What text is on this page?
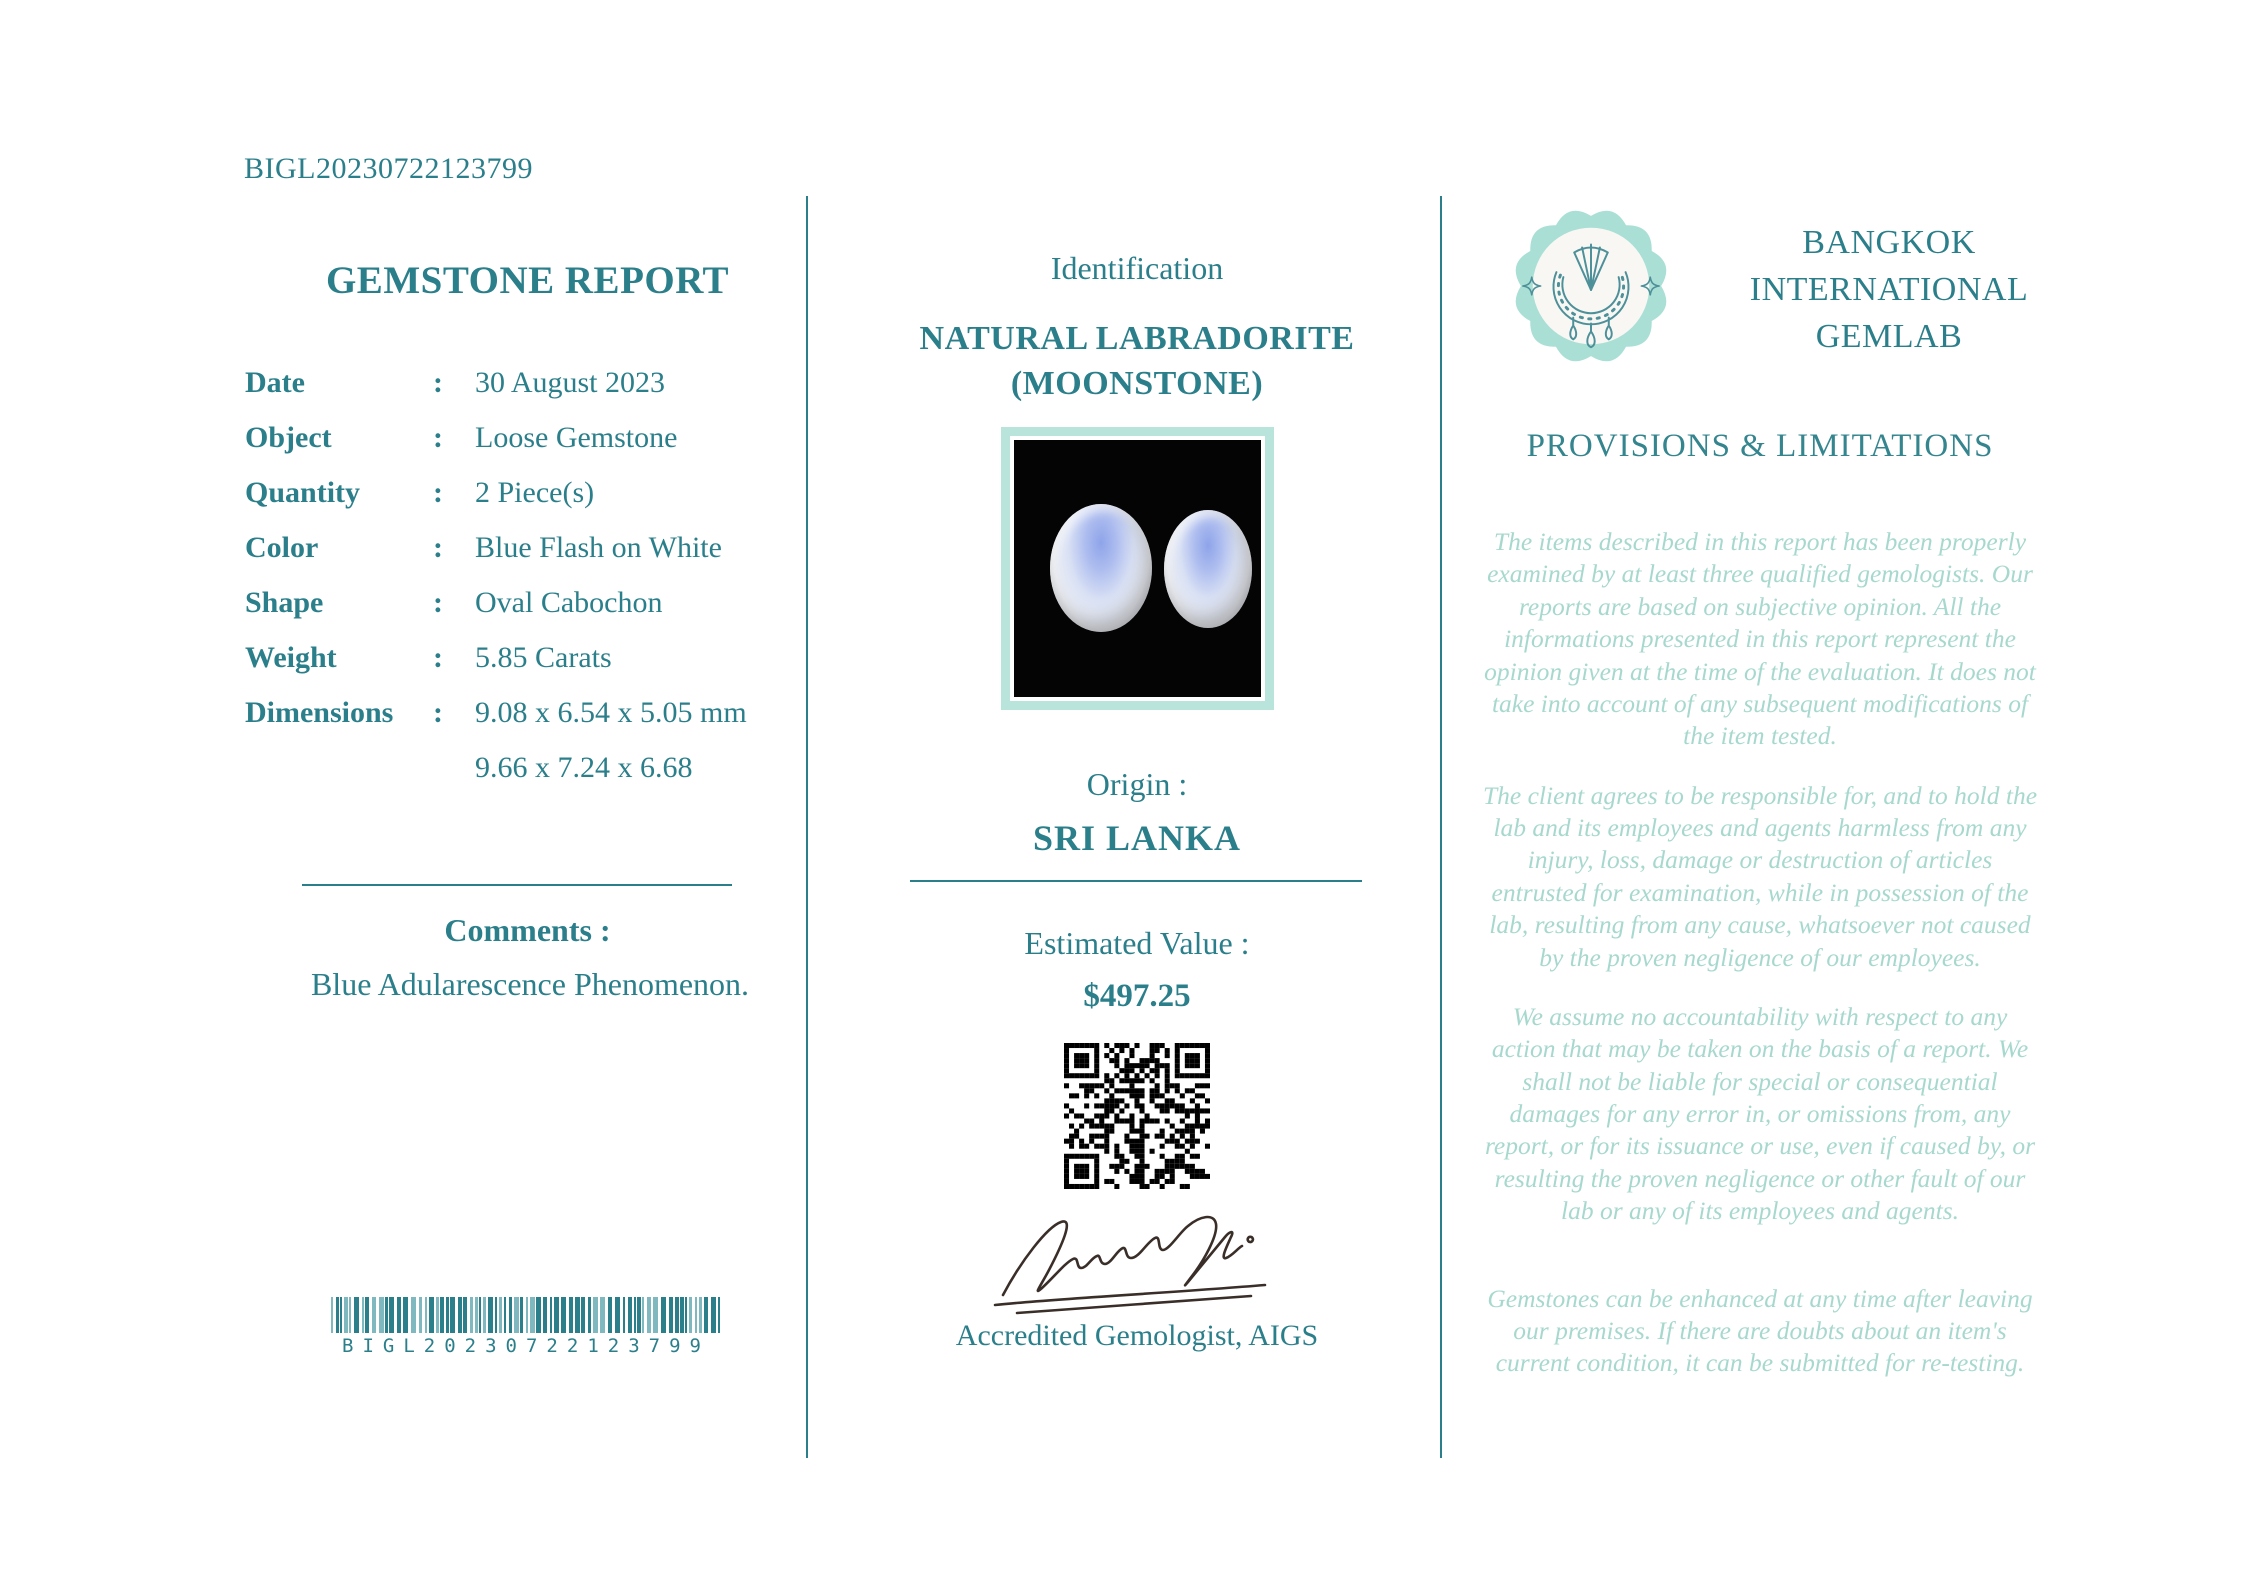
BIGL20230722123799
GEMSTONE REPORT
Date	:	30 August 2023
Object	:	Loose Gemstone
Quantity	:	2 Piece(s)
Color	:	Blue Flash on White
Shape	:	Oval Cabochon
Weight	:	5.85 Carats
Dimensions	:	9.08 x 6.54 x 5.05 mm
9.66 x 7.24 x 6.68
Comments :
Blue Adularescence Phenomenon.
BIGL20230722123799
Identification
NATURAL LABRADORITE
(MOONSTONE)
Origin :
SRI LANKA
Estimated Value :
$497.25
Accredited Gemologist, AIGS
BANGKOK
INTERNATIONAL
GEMLAB
PROVISIONS & LIMITATIONS

The items described in this report has been properly examined by at least three qualified gemologists. Our reports are based on subjective opinion. All the informations presented in this report represent the opinion given at the time of the evaluation. It does not take into account of any subsequent modifications of the item tested.

The client agrees to be responsible for, and to hold the lab and its employees and agents harmless from any injury, loss, damage or destruction of articles entrusted for examination, while in possession of the lab, resulting from any cause, whatsoever not caused by the proven negligence of our employees.

We assume no accountability with respect to any action that may be taken on the basis of a report. We shall not be liable for special or consequential damages for any error in, or omissions from, any report, or for its issuance or use, even if caused by, or resulting the proven negligence or other fault of our lab or any of its employees and agents.

Gemstones can be enhanced at any time after leaving our premises. If there are doubts about an item's current condition, it can be submitted for re-testing.
